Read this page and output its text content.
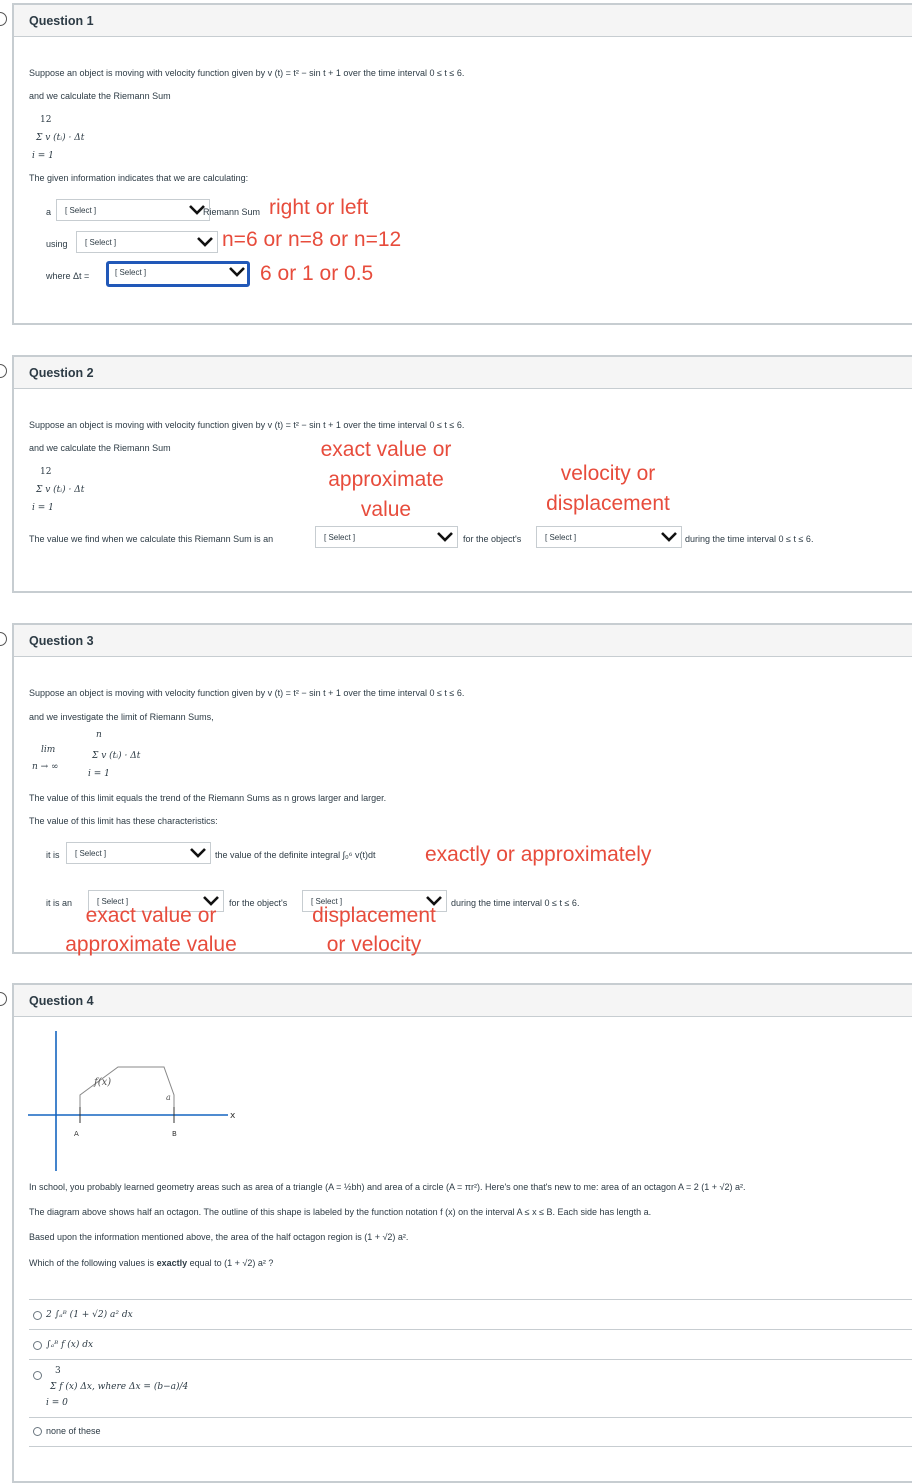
Question 1
Suppose an object is moving with velocity function given by v (t) = t² − sin t + 1 over the time interval 0 ≤ t ≤ 6.
and we calculate the Riemann Sum
12
Σ v (tᵢ) · Δt
i = 1
The given information indicates that we are calculating:
a [ Select ]	Riemann Sum right or left
using [ Select ]	n=6 or n=8 or n=12
where Δt =	[ Select ]	6 or 1 or 0.5
Question 2
Suppose an object is moving with velocity function given by v (t) = t² − sin t + 1 over the time interval 0 ≤ t ≤ 6.
and we calculate the Riemann Sum
12
Σ v (tᵢ) · Δt
i = 1
exact value or
approximate
value
velocity or
displacement
The value we find when we calculate this Riemann Sum is an	[ Select ]	for the object's	[ Select ]	during the time interval 0 ≤ t ≤ 6.
Question 3
Suppose an object is moving with velocity function given by v (t) = t² − sin t + 1 over the time interval 0 ≤ t ≤ 6.
and we investigate the limit of Riemann Sums,
n
lim
Σ v (tᵢ) · Δt
n → ∞
i = 1
The value of this limit equals the trend of the Riemann Sums as n grows larger and larger.
The value of this limit has these characteristics:
it is [ Select ]	the value of the definite integral ∫₀⁶ v(t)dt exactly or approximately
it is an	[ Select ]	for the object's	[ Select ]	during the time interval 0 ≤ t ≤ 6.
exact value or
approximate value
displacement
or velocity
Question 4
f(x)
a
A	B
x
In school, you probably learned geometry areas such as area of a triangle (A = ½bh) and area of a circle (A = πr²). Here's one that's new to me: area of an octagon A = 2 (1 + √2) a².
The diagram above shows half an octagon. The outline of this shape is labeled by the function notation f (x) on the interval A ≤ x ≤ B. Each side has length a.
Based upon the information mentioned above, the area of the half octagon region is (1 + √2) a².
Which of the following values is exactly equal to (1 + √2) a² ?
2 ∫ₐᴮ (1 + √2) a² dx
∫ₐᴮ f (x) dx
3
Σ f (x) Δx, where Δx = (b−a)/4
i = 0
none of these
